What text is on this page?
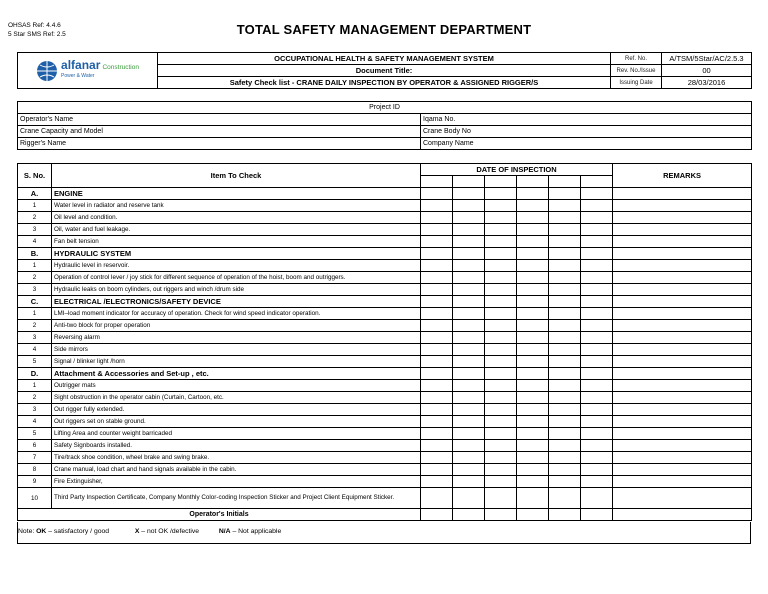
OHSAS Ref: 4.4.6
5 Star SMS Ref: 2.5	TOTAL SAFETY MANAGEMENT DEPARTMENT
alfanar Construction
Power & Water	OCCUPATIONAL HEALTH & SAFETY MANAGEMENT SYSTEM	Ref. No.	A/TSM/5Star/AC/2.5.3
	Document Title:	Rev. No./Issue	00
	Safety Check list - CRANE DAILY INSPECTION BY OPERATOR & ASSIGNED RIGGER/S	Issuing Date	28/03/2016
Project ID	
Operator's Name	Iqama No.
Crane Capacity and Model	Crane Body No
Rigger's Name	Company Name
S. No.	Item To Check	DATE OF INSPECTION						REMARKS

A.	ENGINE							
1	Water level in radiator and reserve tank							
2	Oil level and condition.							
3	Oil, water and fuel leakage.							
4	Fan belt tension							
B.	HYDRAULIC SYSTEM							
1	Hydraulic level in reservoir.							
2	Operation of control lever / joy stick for different sequence of operation of the hoist, boom and outriggers.							
3	Hydraulic leaks on boom cylinders, out riggers and winch /drum side							
C.	ELECTRICAL /ELECTRONICS/SAFETY DEVICE							
1	LMI–load moment indicator for accuracy of operation. Check for wind speed indicator operation.							
2	Anti-two block for proper operation							
3	Reversing alarm							
4	Side mirrors							
5	Signal / blinker light /horn							
D.	Attachment & Accessories and Set-up , etc.							
1	Outrigger mats							
2	Sight obstruction in the operator cabin (Curtain, Cartoon, etc.							
3	Out rigger fully extended.							
4	Out riggers set on stable ground.							
5	Lifting Area and counter weight barricaded							
6	Safety Signboards installed.							
7	Tire/track shoe condition, wheel brake and swing brake.							
8	Crane manual, load chart and hand signals available in the cabin.							
9	Fire Extinguisher,							
10	Third Party Inspection Certificate, Company Monthly Color-coding Inspection Sticker and Project Client Equipment Sticker.							
Operator's Initials								
Note: OK – satisfactory / good	X – not OK /defective	N/A – Not applicable
